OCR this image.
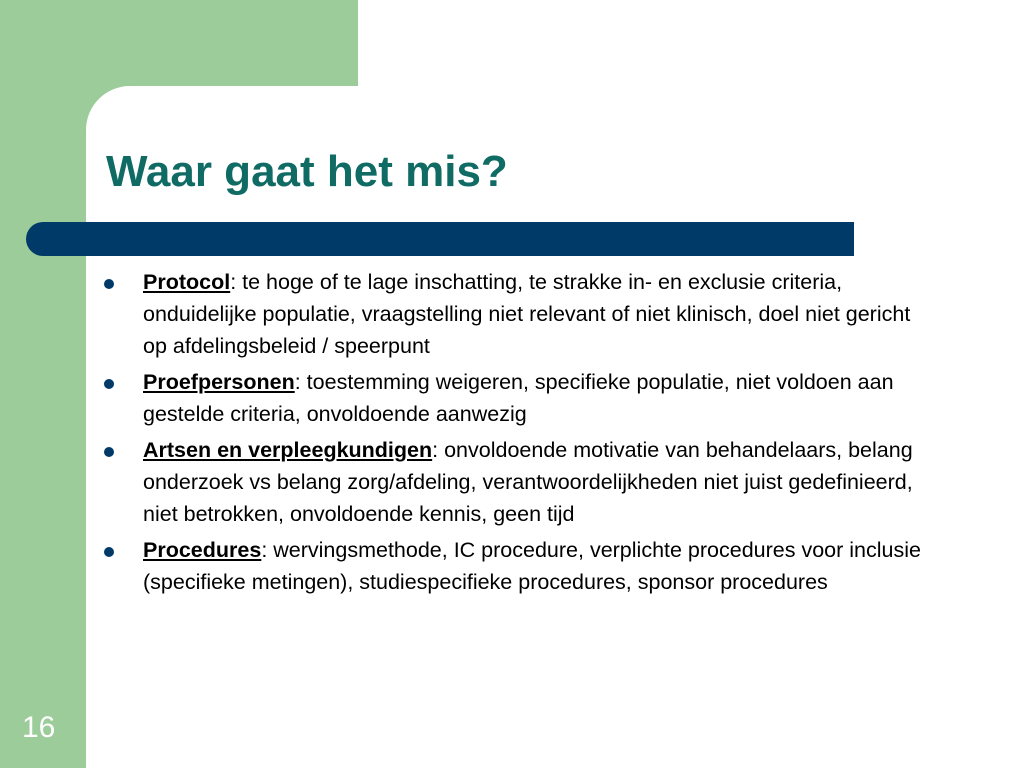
Waar gaat het mis?
Protocol: te hoge of te lage inschatting, te strakke in- en exclusie criteria, onduidelijke populatie, vraagstelling niet relevant of niet klinisch, doel niet gericht op afdelingsbeleid / speerpunt
Proefpersonen: toestemming weigeren, specifieke populatie, niet voldoen aan gestelde criteria, onvoldoende aanwezig
Artsen en verpleegkundigen: onvoldoende motivatie van behandelaars, belang onderzoek vs belang zorg/afdeling, verantwoordelijkheden niet juist gedefinieerd, niet betrokken, onvoldoende kennis, geen tijd
Procedures: wervingsmethode, IC procedure, verplichte procedures voor inclusie (specifieke metingen), studiespecifieke procedures, sponsor procedures
16
